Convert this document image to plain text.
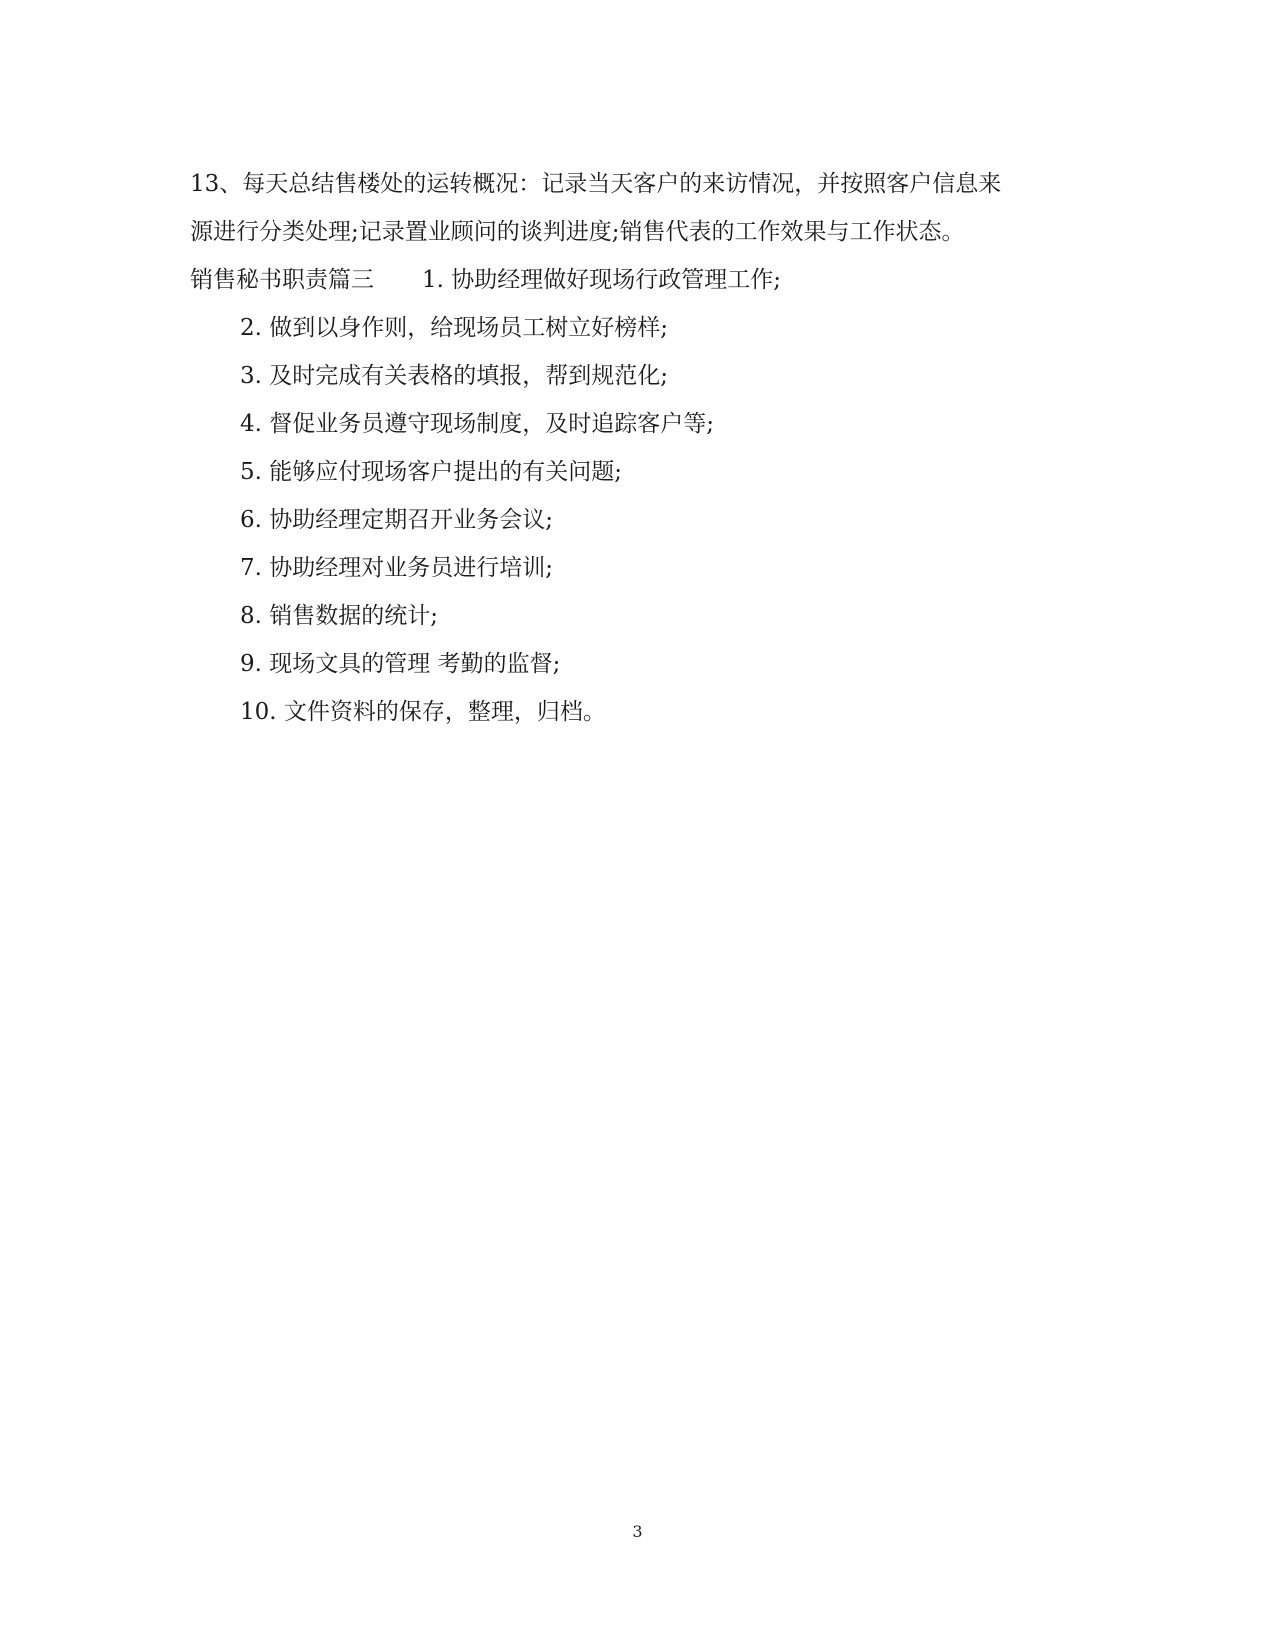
13、每天总结售楼处的运转概况：记录当天客户的来访情况，并按照客户信息来
源进行分类处理;记录置业顾问的谈判进度;销售代表的工作效果与工作状态。
销售秘书职责篇三 1. 协助经理做好现场行政管理工作;
2. 做到以身作则，给现场员工树立好榜样;
3. 及时完成有关表格的填报，帮到规范化;
4. 督促业务员遵守现场制度，及时追踪客户等;
5. 能够应付现场客户提出的有关问题;
6. 协助经理定期召开业务会议;
7. 协助经理对业务员进行培训;
8. 销售数据的统计;
9. 现场文具的管理 考勤的监督;
10. 文件资料的保存，整理，归档。
3
